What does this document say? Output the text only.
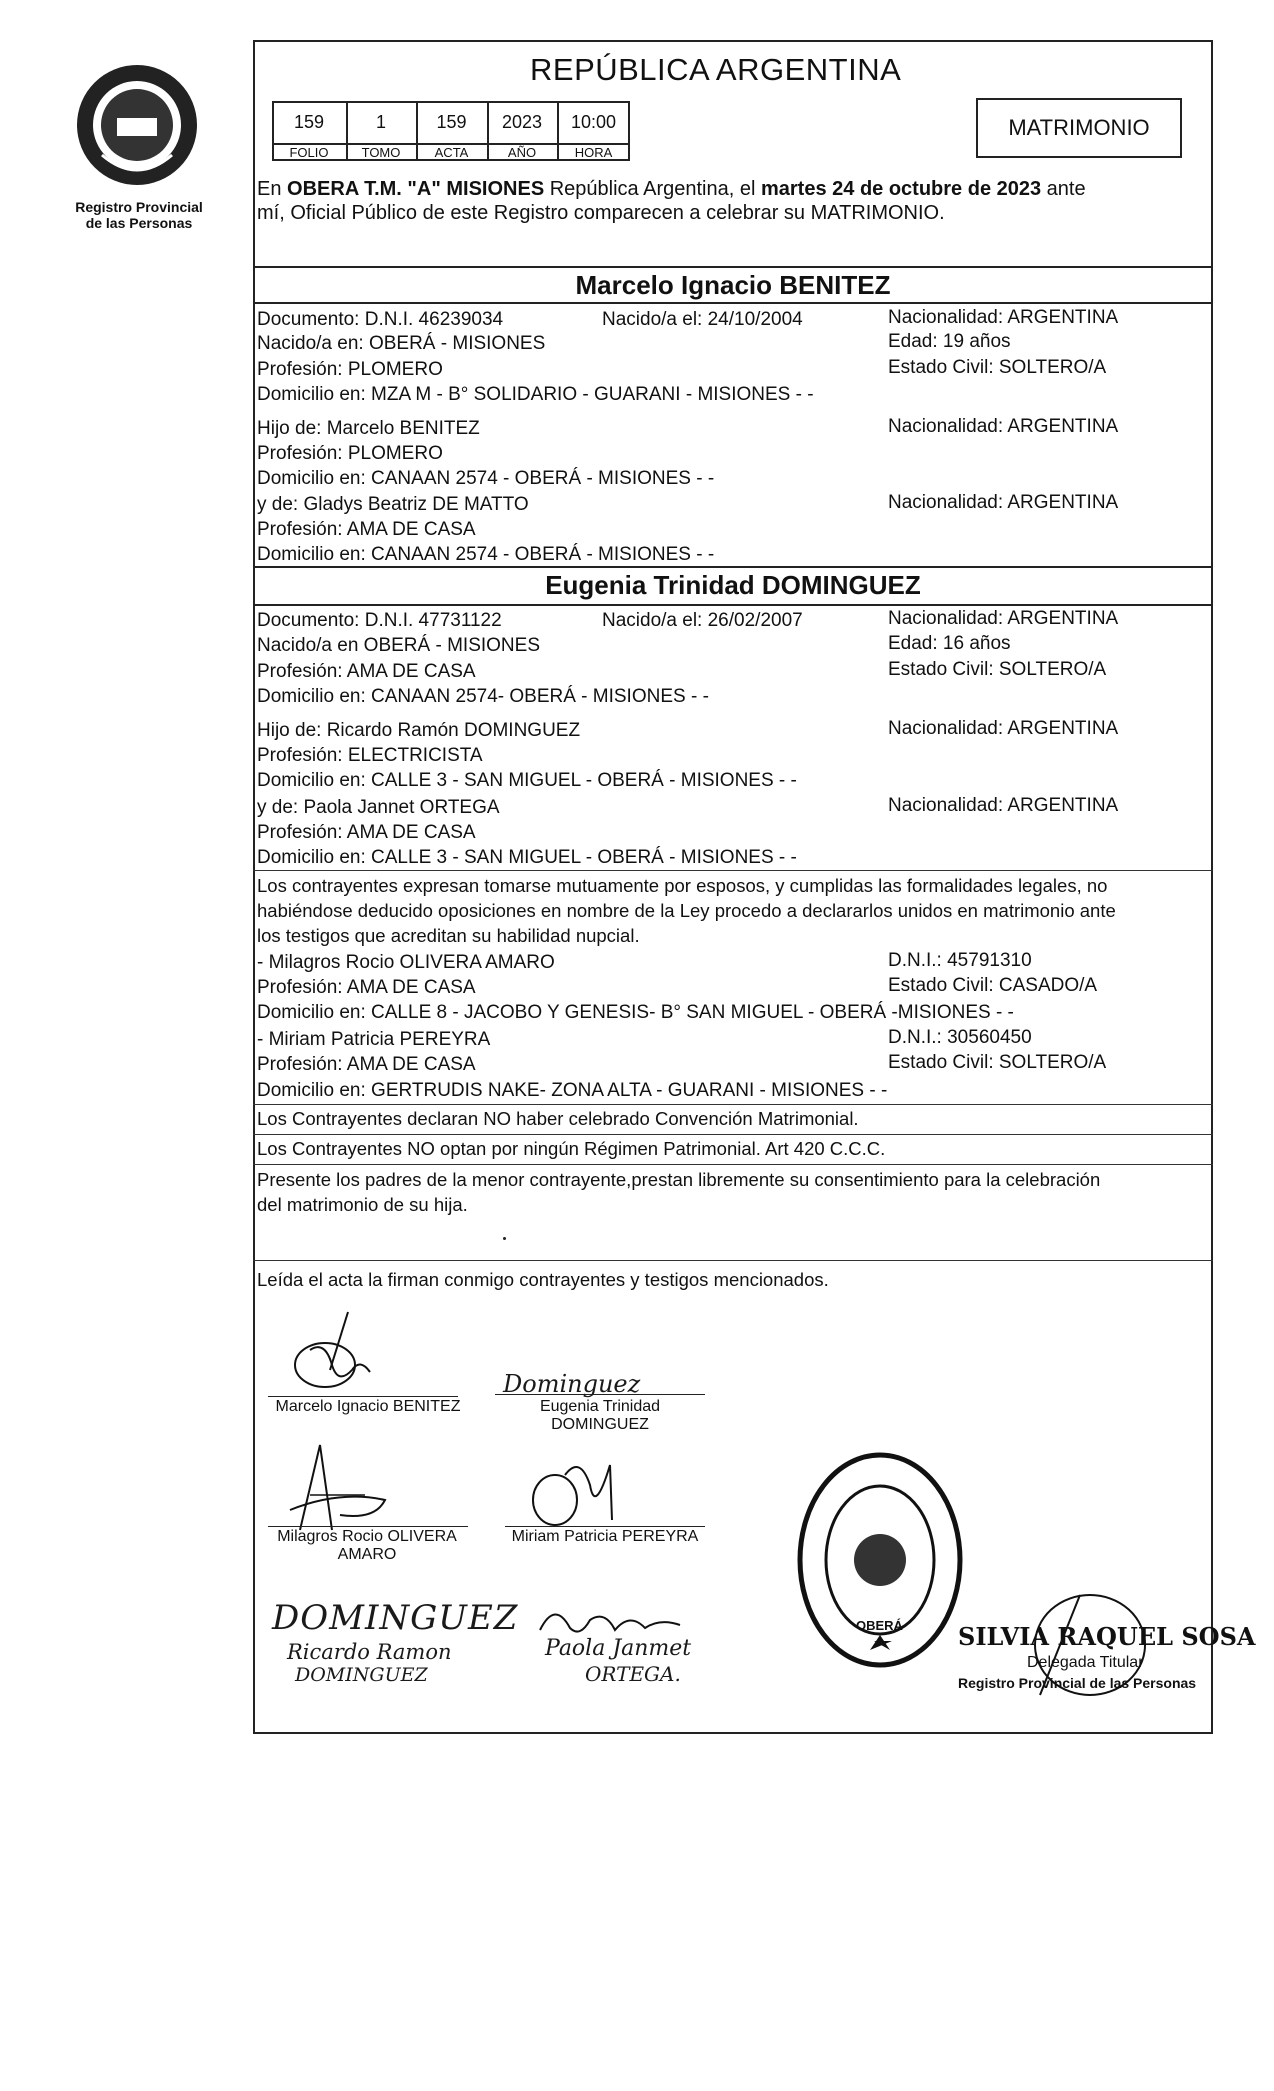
Registro Provincial
de las Personas
REPÚBLICA ARGENTINA
159	1	159	2023	10:00
FOLIO	TOMO	ACTA	AÑO	HORA
MATRIMONIO
En OBERA T.M. "A" MISIONES República Argentina, el martes 24 de octubre de 2023 ante
mí, Oficial Público de este Registro comparecen a celebrar su MATRIMONIO.
Marcelo Ignacio BENITEZ
Documento: D.N.I. 46239034	Nacido/a el: 24/10/2004	Nacionalidad: ARGENTINA
Nacido/a en: OBERÁ - MISIONES	Edad: 19 años
Profesión: PLOMERO	Estado Civil: SOLTERO/A
Domicilio en: MZA M - B° SOLIDARIO - GUARANI - MISIONES - -
Hijo de: Marcelo BENITEZ	Nacionalidad: ARGENTINA
Profesión: PLOMERO
Domicilio en: CANAAN 2574 - OBERÁ - MISIONES - -
y de: Gladys Beatriz DE MATTO	Nacionalidad: ARGENTINA
Profesión: AMA DE CASA
Domicilio en: CANAAN 2574 - OBERÁ - MISIONES - -
Eugenia Trinidad DOMINGUEZ
Documento: D.N.I. 47731122	Nacido/a el: 26/02/2007	Nacionalidad: ARGENTINA
Nacido/a en OBERÁ - MISIONES	Edad: 16 años
Profesión: AMA DE CASA	Estado Civil: SOLTERO/A
Domicilio en: CANAAN 2574- OBERÁ - MISIONES - -
Hijo de: Ricardo Ramón DOMINGUEZ	Nacionalidad: ARGENTINA
Profesión: ELECTRICISTA
Domicilio en: CALLE 3 - SAN MIGUEL - OBERÁ - MISIONES - -
y de: Paola Jannet ORTEGA	Nacionalidad: ARGENTINA
Profesión: AMA DE CASA
Domicilio en: CALLE 3 - SAN MIGUEL - OBERÁ - MISIONES - -
Los contrayentes expresan tomarse mutuamente por esposos, y cumplidas las formalidades legales, no
habiéndose deducido oposiciones en nombre de la Ley procedo a declararlos unidos en matrimonio ante
los testigos que acreditan su habilidad nupcial.
- Milagros Rocio OLIVERA AMARO	D.N.I.: 45791310
Profesión: AMA DE CASA	Estado Civil: CASADO/A
Domicilio en: CALLE 8 - JACOBO Y GENESIS- B° SAN MIGUEL - OBERÁ -MISIONES - -
- Miriam Patricia PEREYRA	D.N.I.: 30560450
Profesión: AMA DE CASA	Estado Civil: SOLTERO/A
Domicilio en: GERTRUDIS NAKE- ZONA ALTA - GUARANI - MISIONES - -
Los Contrayentes declaran NO haber celebrado Convención Matrimonial.
Los Contrayentes NO optan por ningún Régimen Patrimonial. Art 420 C.C.C.
Presente los padres de la menor contrayente,prestan libremente su consentimiento para la celebración
del matrimonio de su hija.
Leída el acta la firman conmigo contrayentes y testigos mencionados.
Marcelo Ignacio BENITEZ
Dominguez
Eugenia Trinidad
DOMINGUEZ
Milagros Rocio OLIVERA
AMARO
Miriam Patricia PEREYRA
DOMINGUEZ
Ricardo Ramon
DOMINGUEZ
Paola Janmet
ORTEGA.
OBERÁ SILVIA RAQUEL SOSA
Delegada Titular
Registro Provincial de las Personas
